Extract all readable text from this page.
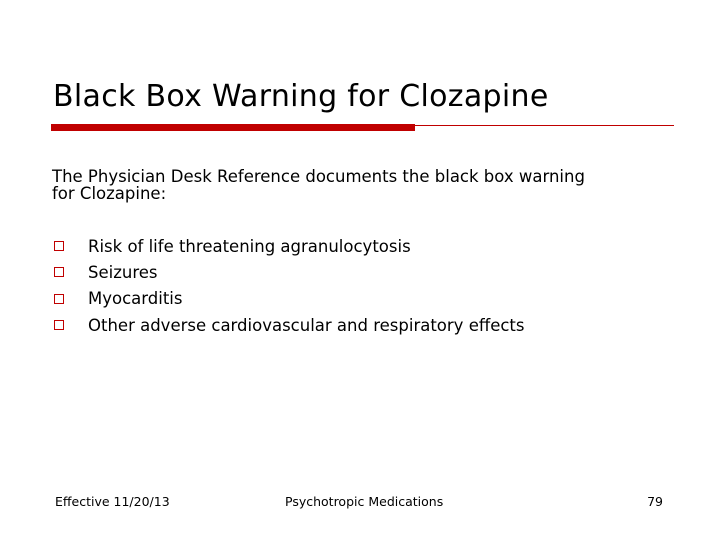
Black Box Warning for Clozapine
The Physician Desk Reference documents the black box warning
for Clozapine:
Risk of life threatening agranulocytosis
Seizures
Myocarditis
Other adverse cardiovascular and respiratory effects
Effective 11/20/13	Psychotropic Medications	79
